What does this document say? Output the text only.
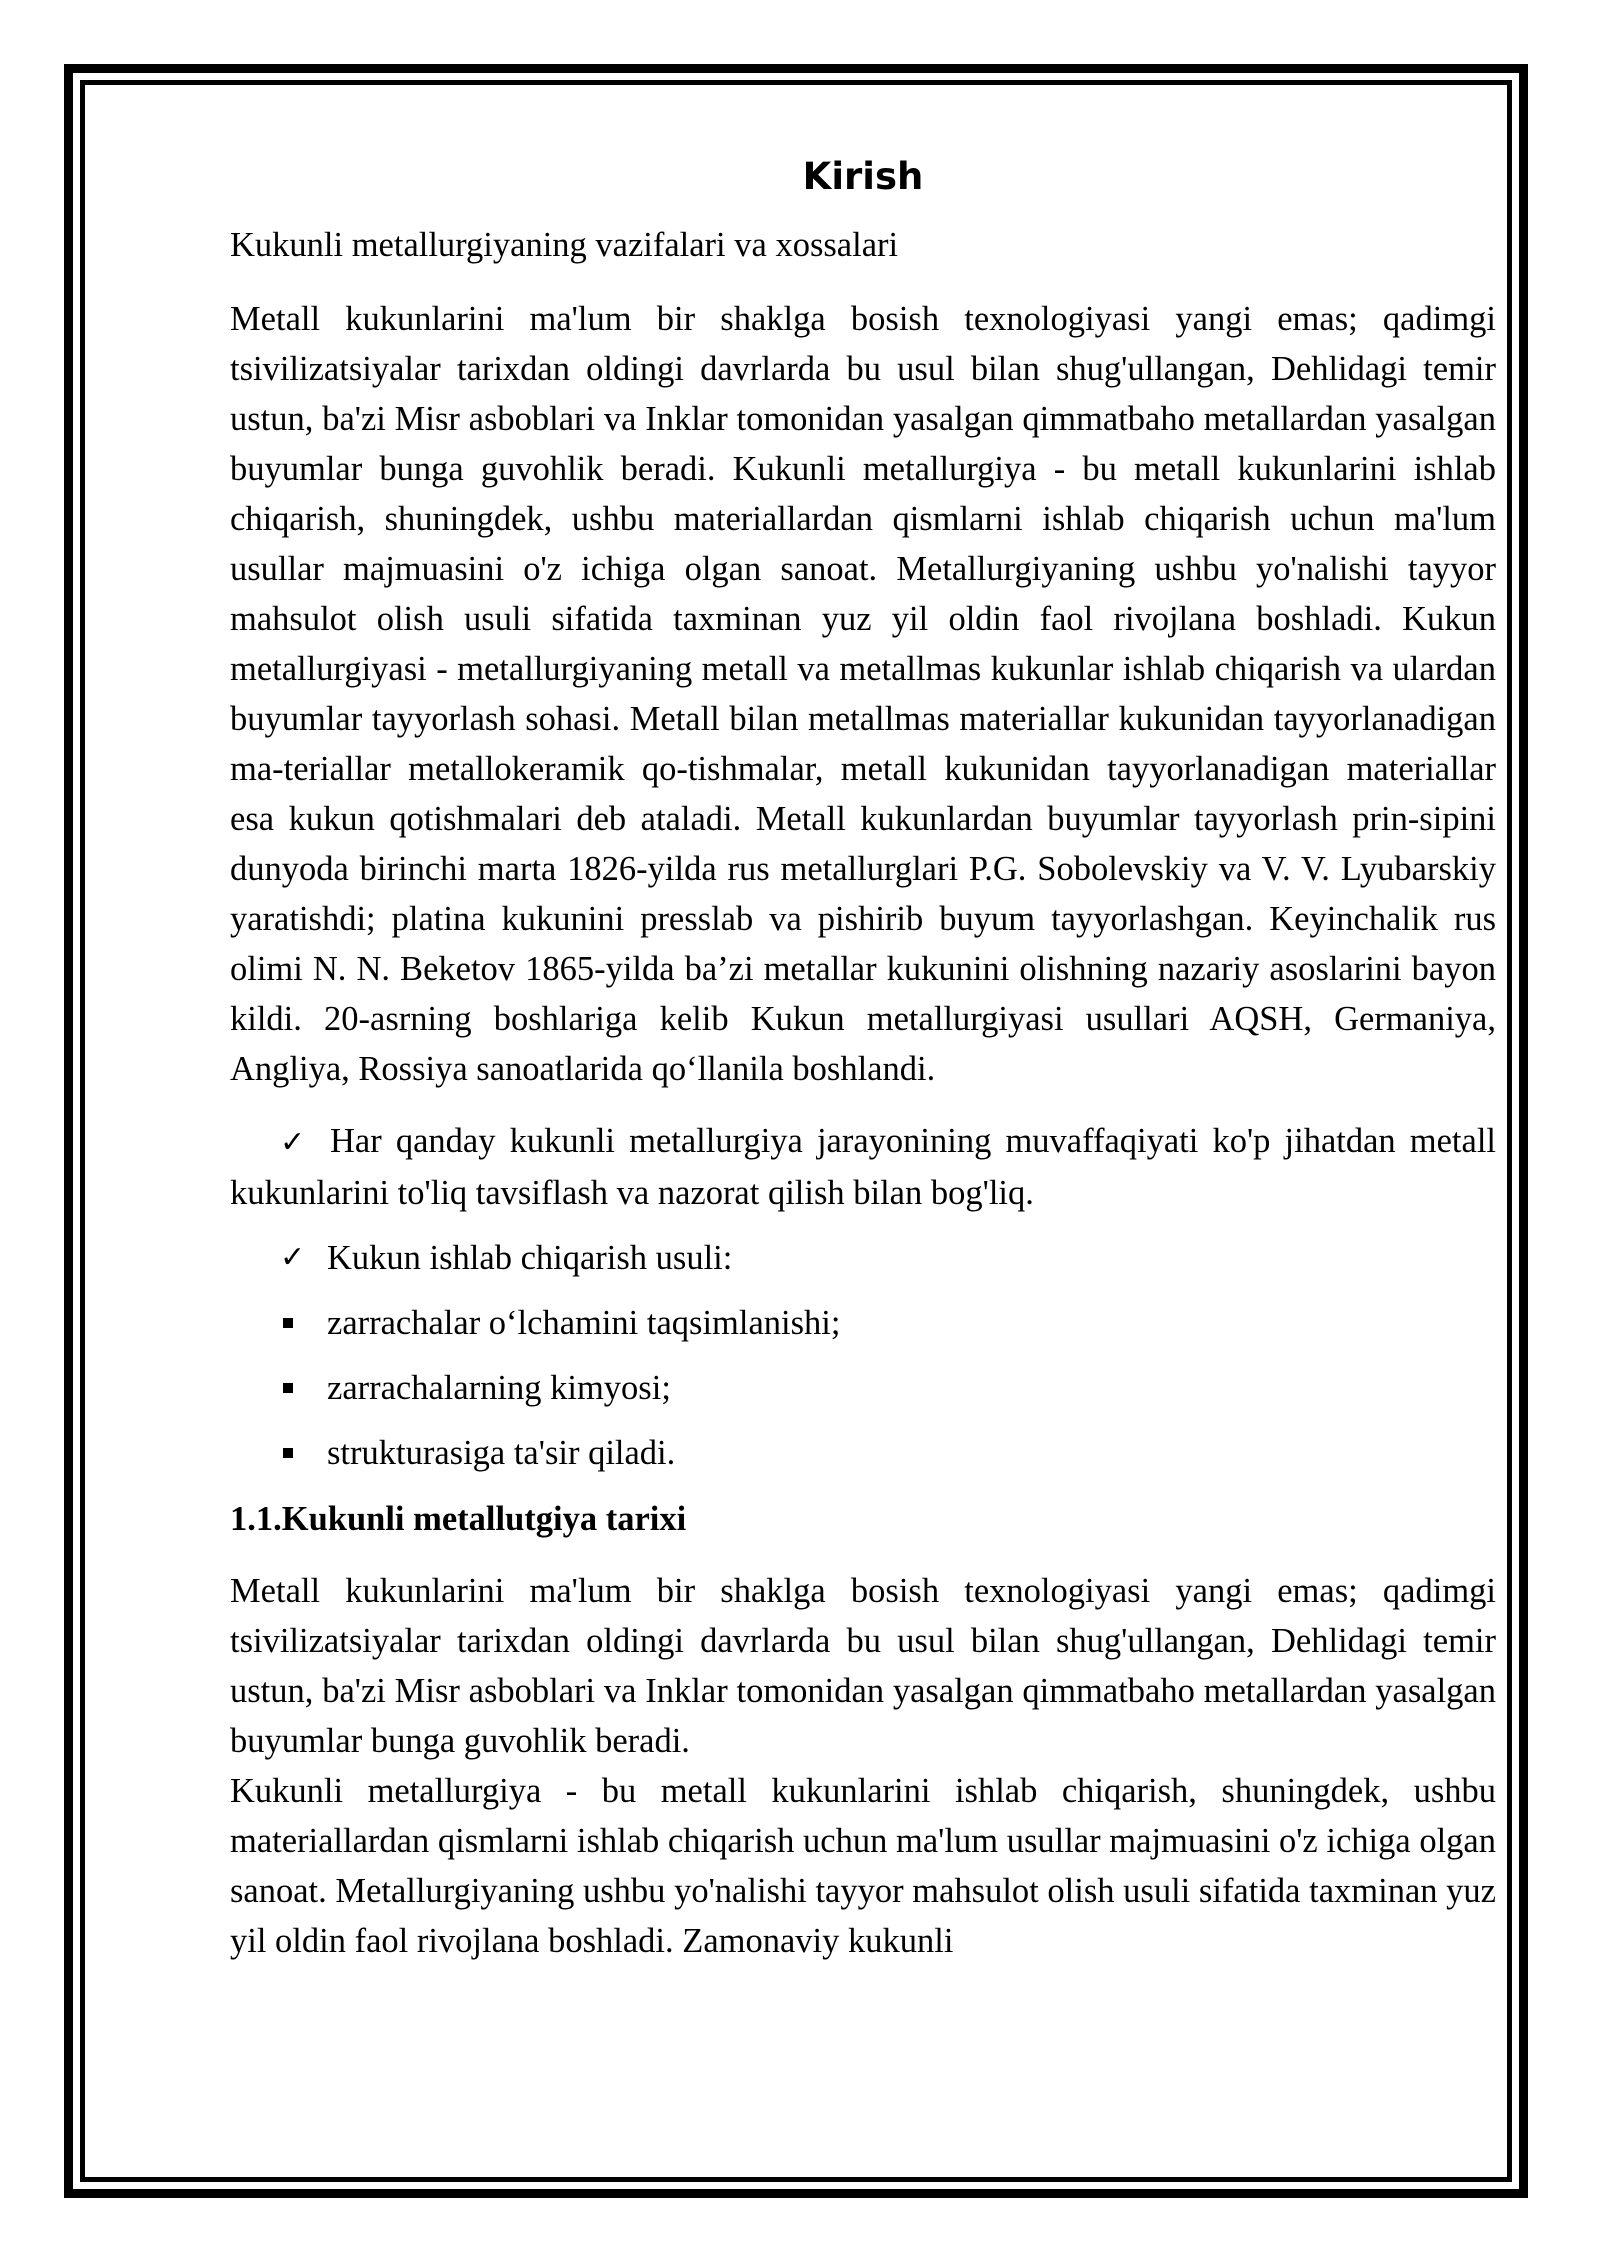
Kirish
Kukunli metallurgiyaning vazifalari va xossalari

Metall kukunlarini ma'lum bir shaklga bosish texnologiyasi yangi emas; qadimgi tsivilizatsiyalar tarixdan oldingi davrlarda bu usul bilan shug'ullangan, Dehlidagi temir ustun, ba'zi Misr asboblari va Inklar tomonidan yasalgan qimmatbaho metallardan yasalgan buyumlar bunga guvohlik beradi. Kukunli metallurgiya - bu metall kukunlarini ishlab chiqarish, shuningdek, ushbu materiallardan qismlarni ishlab chiqarish uchun ma'lum usullar majmuasini o'z ichiga olgan sanoat. Metallurgiyaning ushbu yo'nalishi tayyor mahsulot olish usuli sifatida taxminan yuz yil oldin faol rivojlana boshladi. Kukun metallurgiyasi - metallurgiyaning metall va metallmas kukunlar ishlab chiqarish va ulardan buyumlar tayyorlash sohasi. Metall bilan metallmas materiallar kukunidan tayyorlanadigan ma-teriallar metallokeramik qo-tishmalar, metall kukunidan tayyorlanadigan materiallar esa kukun qotishmalari deb ataladi. Metall kukunlardan buyumlar tayyorlash prin-sipini dunyoda birinchi marta 1826-yilda rus metallurglari P.G. Sobolevskiy va V. V. Lyubarskiy yaratishdi; platina kukunini presslab va pishirib buyum tayyorlashgan. Keyinchalik rus olimi N. N. Beketov 1865-yilda ba’zi metallar kukunini olishning nazariy asoslarini bayon kildi. 20-asrning boshlariga kelib Kukun metallurgiyasi usullari AQSH, Germaniya, Angliya, Rossiya sanoatlarida qo‘llanila boshlandi.

✓ Har qanday kukunli metallurgiya jarayonining muvaffaqiyati ko'p jihatdan metall kukunlarini to'liq tavsiflash va nazorat qilish bilan bog'liq.
✓ Kukun ishlab chiqarish usuli:
zarrachalar o‘lchamini taqsimlanishi;
zarrachalarning kimyosi;
strukturasiga ta'sir qiladi.
1.1.Kukunli metallutgiya tarixi

Metall kukunlarini ma'lum bir shaklga bosish texnologiyasi yangi emas; qadimgi tsivilizatsiyalar tarixdan oldingi davrlarda bu usul bilan shug'ullangan, Dehlidagi temir ustun, ba'zi Misr asboblari va Inklar tomonidan yasalgan qimmatbaho metallardan yasalgan buyumlar bunga guvohlik beradi.

Kukunli metallurgiya - bu metall kukunlarini ishlab chiqarish, shuningdek, ushbu materiallardan qismlarni ishlab chiqarish uchun ma'lum usullar majmuasini o'z ichiga olgan sanoat. Metallurgiyaning ushbu yo'nalishi tayyor mahsulot olish usuli sifatida taxminan yuz yil oldin faol rivojlana boshladi. Zamonaviy kukunli
